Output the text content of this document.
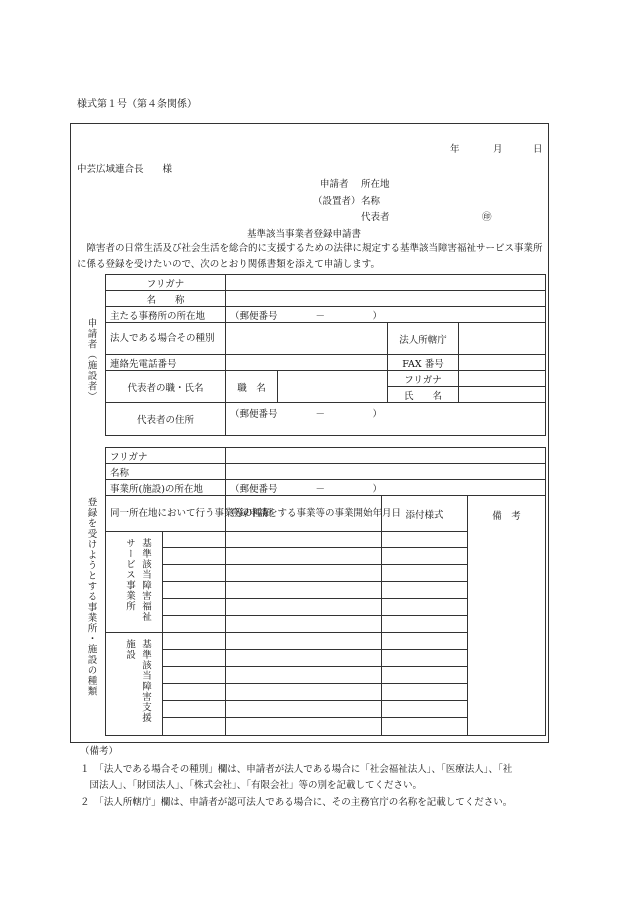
様式第１号（第４条関係）
年	月	日
中芸広域連合長　　様
申請者 所在地
（設置者） 名称
代表者	㊞
基準該当事業者登録申請書
　障害者の日常生活及び社会生活を総合的に支援するための法律に規定する基準該当障害福祉サービス事業所に係る登録を受けたいので、次のとおり関係書類を添えて申請します。
申請者（施設者）
フリガナ				
名　　称				
主たる事務所の所在地	（郵便番号　　　　－　　　　　）			
法人である場合その種別			法人所轄庁	
連絡先電話番号			FAX 番号	
代表者の職・氏名	職　名		フリガナ	
			氏　　名	
代表者の住所	（郵便番号　　　　－　　　　　）			
登録を受けようとする事業所・施設の種類
フリガナ				
名称				
事業所(施設)の所在地		（郵便番号　　　　－　　　　　）		
同一所在地において行う事業等の種類		登録申請をする事業等の事業開始年月日	添付様式	備　考

基準該当障害福祉
サービス事業所				

基準該当障害支援
施設				

（備考）
１　「法人である場合その種別」欄は、申請者が法人である場合に「社会福祉法人」、「医療法人」、「社
　団法人」、「財団法人」、「株式会社」、「有限会社」等の別を記載してください。
２　「法人所轄庁」欄は、申請者が認可法人である場合に、その主務官庁の名称を記載してください。
